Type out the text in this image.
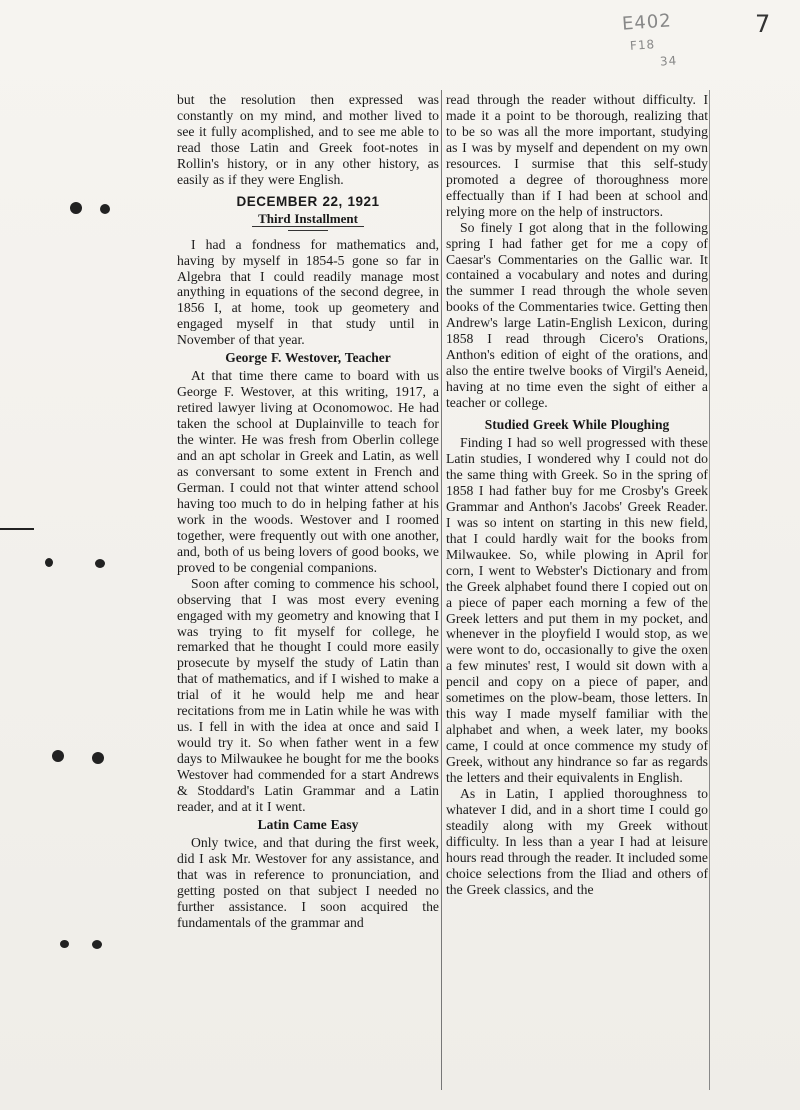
E402
F18
34
7

but the resolution then expressed was constantly on my mind, and mother lived to see it fully acomplished, and to see me able to read those Latin and Greek foot-notes in Rollin's history, or in any other history, as easily as if they were English.

DECEMBER 22, 1921
Third Installment

I had a fondness for mathematics and, having by myself in 1854-5 gone so far in Algebra that I could readily manage most anything in equations of the second degree, in 1856 I, at home, took up geometery and engaged myself in that study until in November of that year.

George F. Westover, Teacher

At that time there came to board with us George F. Westover, at this writing, 1917, a retired lawyer living at Oconomowoc. He had taken the school at Duplainville to teach for the winter. He was fresh from Oberlin college and an apt scholar in Greek and Latin, as well as conversant to some extent in French and German. I could not that winter attend school having too much to do in helping father at his work in the woods. Westover and I roomed together, were frequently out with one another, and, both of us being lovers of good books, we proved to be congenial companions.

Soon after coming to commence his school, observing that I was most every evening engaged with my geometry and knowing that I was trying to fit myself for college, he remarked that he thought I could more easily prosecute by myself the study of Latin than that of mathematics, and if I wished to make a trial of it he would help me and hear recitations from me in Latin while he was with us. I fell in with the idea at once and said I would try it. So when father went in a few days to Milwaukee he bought for me the books Westover had commended for a start Andrews & Stoddard's Latin Grammar and a Latin reader, and at it I went.

Latin Came Easy

Only twice, and that during the first week, did I ask Mr. Westover for any assistance, and that was in reference to pronunciation, and getting posted on that subject I needed no further assistance. I soon acquired the fundamentals of the grammar and

read through the reader without difficulty. I made it a point to be thorough, realizing that to be so was all the more important, studying as I was by myself and dependent on my own resources. I surmise that this self-study promoted a degree of thoroughness more effectually than if I had been at school and relying more on the help of instructors.

So finely I got along that in the following spring I had father get for me a copy of Caesar's Commentaries on the Gallic war. It contained a vocabulary and notes and during the summer I read through the whole seven books of the Commentaries twice. Getting then Andrew's large Latin-English Lexicon, during 1858 I read through Cicero's Orations, Anthon's edition of eight of the orations, and also the entire twelve books of Virgil's Aeneid, having at no time even the sight of either a teacher or college.

Studied Greek While Ploughing

Finding I had so well progressed with these Latin studies, I wondered why I could not do the same thing with Greek. So in the spring of 1858 I had father buy for me Crosby's Greek Grammar and Anthon's Jacobs' Greek Reader. I was so intent on starting in this new field, that I could hardly wait for the books from Milwaukee. So, while plowing in April for corn, I went to Webster's Dictionary and from the Greek alphabet found there I copied out on a piece of paper each morning a few of the Greek letters and put them in my pocket, and whenever in the ployfield I would stop, as we were wont to do, occasionally to give the oxen a few minutes' rest, I would sit down with a pencil and copy on a piece of paper, and sometimes on the plow-beam, those letters. In this way I made myself familiar with the alphabet and when, a week later, my books came, I could at once commence my study of Greek, without any hindrance so far as regards the letters and their equivalents in English.

As in Latin, I applied thoroughness to whatever I did, and in a short time I could go steadily along with my Greek without difficulty. In less than a year I had at leisure hours read through the reader. It included some choice selections from the Iliad and others of the Greek classics, and the
